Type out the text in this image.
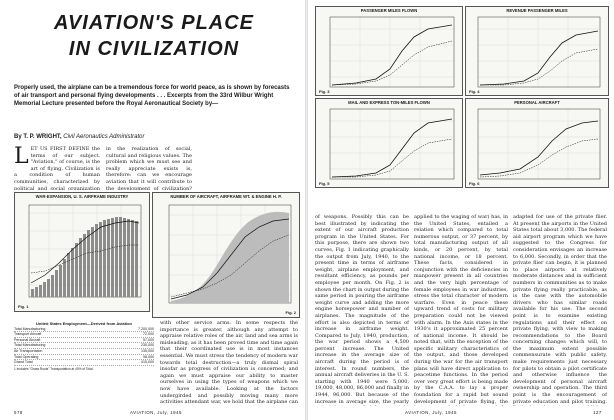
AVIATION'S PLACE
IN CIVILIZATION
Properly used, the airplane can be a tremendous force for world peace, as is shown by forecasts of air transport and personal flying developments . . . Excerpts from the 33rd Wilbur Wright Memorial Lecture presented before the Royal Aeronautical Society by—
By T. P. WRIGHT, Civil Aeronautics Administrator
LET US FIRST DEFINE the terms of our subject. "Aviation," of course, is the art of flying. Civilization is a condition of human communities, characterized by political and social organization
in the realization of social, cultural and religious values. The problem which we must see and really appreciate exists is, therefore: can we encourage aviation that it will contribute to the development of civilization?
WAR-EXPANSION, U. S. AIRFRAME INDUSTRY
Fig. 1
NUMBER OF AIRCRAFT, AIRFRAME WT. & ENGINE H. P.
Fig. 2
United States Employment—Derived from Aviation
Total Manufacturing	7,200,000
Transport Aircraft	72,000
Personal Aircraft	57,000
Total Manufacturing	230,000
Air Transportation	135,000
Total Operating	98,000
Grand Total	415,000
1 Includes "Grass Roots" Transportation at 40% of Total.
with other service arms. In some respects the importance is greater, although any attempt to appraise relative roles of the air, land and sea arms is misleading, as it has been proved time and time again that their coordinated use is in most instances essential. We must stress the tendency of modern war towards total destruction—a truly dismal spiral insofar as progress of civilization is concerned; and again we must appraise our ability to master ourselves in using the types of weapons which we now have available. Looking at the factors undergirded and possibly moving many more activities attendant war, we hold that the airplane can
578	AVIATION, July, 1945
PASSENGER MILES FLOWN
Fig. 3
REVENUE PASSENGER MILES
Fig. 4
MAIL AND EXPRESS TON-MILES FLOWN
Fig. 5
PERSONAL AIRCRAFT
Fig. 6
of weapons. Possibly this can be best illustrated by indicating the extent of our aircraft production program in the United States. For this purpose, there are shown two curves, Fig. 1 indicating graphically the output from July, 1940, to the present time in terms of airframe weight, airplane employment, and resultant efficiency, as pounds per employee per month. On Fig. 2 is shown the chart in output during the same period in pouring the airframe weight curve and adding the more engine horsepower and number of airplanes. The magnitude of the effort is also depicted in terms of increase in airframe weight. Compared to July, 1940, production, the war period shows a 4,500 percent increase. The United increase in the average size of aircraft during the period is of interest. In round numbers, the annual aircraft deliveries in the U. S. starting with 1940 were 5,000, 19,000, 48,000, 86,000 and finally in 1944, 96,000. But because of the increase in average size, the yearly
applied to the waging of war) has, in the United States, entailed a relation which compared to total numerous output, or 37 percent, by total manufacturing output of all kinds, or 20 percent, by total national income, or 18 percent. These facts, considered in conjunction with the deficiencies in manpower present in all countries and the very high percentage of female employees in war industries, stress the total character of modern warfare. Even in peace these upward trend of costs for military preparation could not be viewed with alarm. In the Axis states in the 1930's it approximated 25 percent of national income. It should be noted that, with the exception of the specific military characteristics of the output, and those developed during the war for the air transport plans will have direct application to peacetime functions. In the period over very great effort is being made by the C.A.A. to lay a proper foundation for a rapid but sound development of private flying, the
adapted for use of the private flier. At present the airports in the United States total about 3,000. The federal aid airport program which we have suggested to the Congress for consideration envisages an increase to 6,000. Secondly, in order that the private flier can begin, it is planned to place airports at relatively moderate distances and in sufficient numbers in communities as to make private flying really practicable, as is the case with the automobile drivers who has similar roads available for his use. The second point is to examine existing regulations and their effect on private flying, with view to making recommendations to the Board concerning changes which will, to the maximum extent possible commensurate with public safety, make requirements just necessary for pilots to obtain a pilot certificate and otherwise influence the development of personal aircraft ownership and operation. The third point is the encouragement of private education and pilot training.
AVIATION, July, 1945	127
